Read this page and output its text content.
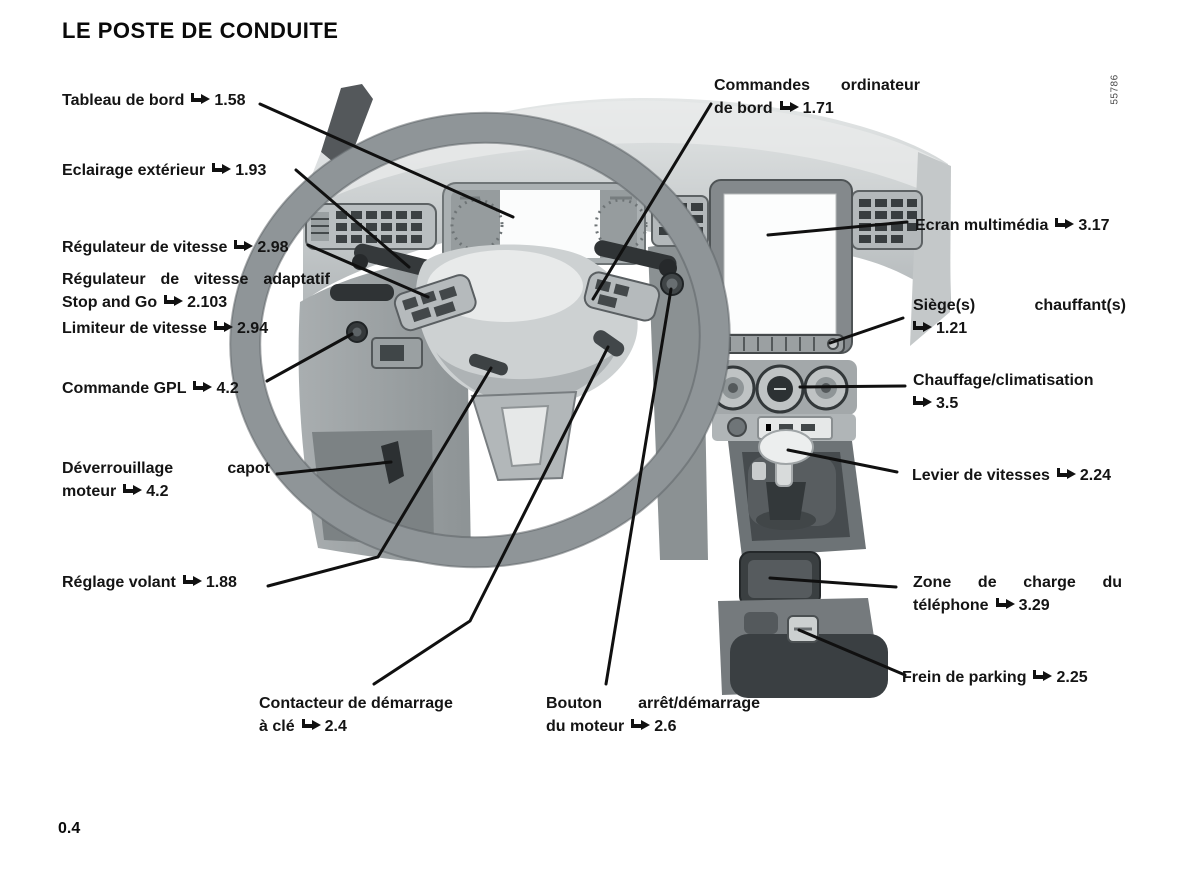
LE POSTE DE CONDUITE
0.4
55786
Tableau de bord 1.58
Eclairage extérieur 1.93
Régulateur de vitesse 2.98
Régulateur de vitesse adaptatif
Stop and Go 2.103
Limiteur de vitesse 2.94
Commande GPL 4.2
Déverrouillage capot
moteur 4.2
Réglage volant 1.88
Contacteur de démarrage
à clé 2.4
Bouton arrêt/démarrage
du moteur 2.6
Commandes ordinateur
de bord 1.71
Ecran multimédia 3.17
Siège(s) chauffant(s)
1.21
Chauffage/climatisation
3.5
Levier de vitesses 2.24
Zone de charge du
téléphone 3.29
Frein de parking 2.25
